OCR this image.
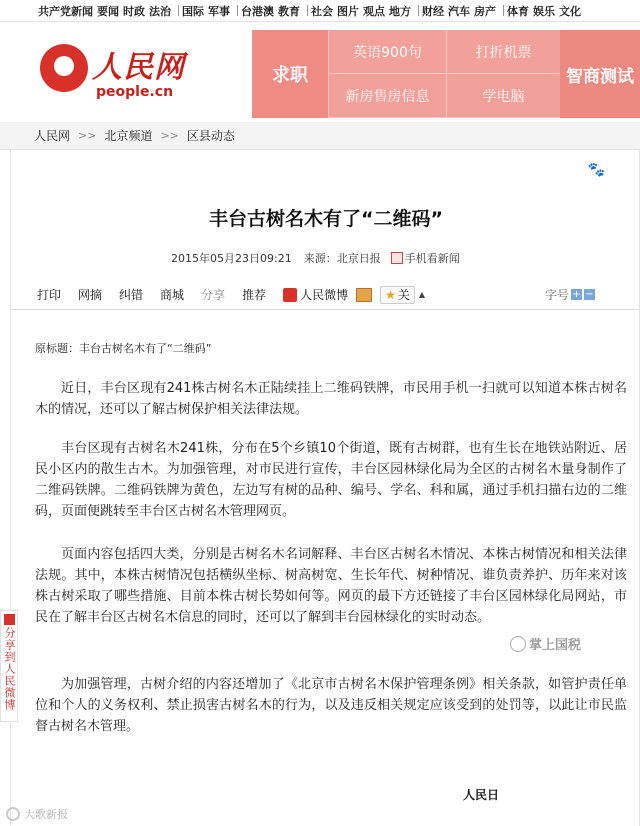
共产党新闻 要闻 时政 法治 国际 军事 台港澳 教育 社会 图片 观点 地方 财经 汽车 房产 体育 娱乐 文化
人民网
people.cn
求职
英语900句	打折机票
新房售房信息	学电脑
智商测试
人民网 >> 北京频道 >> 区县动态
🐾
丰台古树名木有了“二维码”
2015年05月23日09:21 来源：北京日报 手机看新闻
打印 网摘 纠错 商城 分享 推荐	人民微博	★ 关 ▲	字号 + −
原标题：丰台古树名木有了“二维码”

近日，丰台区现有241株古树名木正陆续挂上二维码铁牌，市民用手机一扫就可以知道本株古树名木的情况，还可以了解古树保护相关法律法规。

丰台区现有古树名木241株，分布在5个乡镇10个街道，既有古树群，也有生长在地铁站附近、居民小区内的散生古木。为加强管理，对市民进行宣传，丰台区园林绿化局为全区的古树名木量身制作了二维码铁牌。二维码铁牌为黄色，左边写有树的品种、编号、学名、科和属，通过手机扫描右边的二维码，页面便跳转至丰台区古树名木管理网页。

页面内容包括四大类，分别是古树名木名词解释、丰台区古树名木情况、本株古树情况和相关法律法规。其中，本株古树情况包括横纵坐标、树高树宽、生长年代、树种情况、谁负责养护、历年来对该株古树采取了哪些措施、目前本株古树长势如何等。网页的最下方还链接了丰台区园林绿化局网站，市民在了解丰台区古树名木信息的同时，还可以了解到丰台园林绿化的实时动态。

为加强管理，古树介绍的内容还增加了《北京市古树名木保护管理条例》相关条款，如管护责任单位和个人的义务权利、禁止损害古树名木的行为，以及违反相关规定应该受到的处罚等，以此让市民监督古树名木管理。

人民日
掌上国税
分享到人民微博
大歌新报
